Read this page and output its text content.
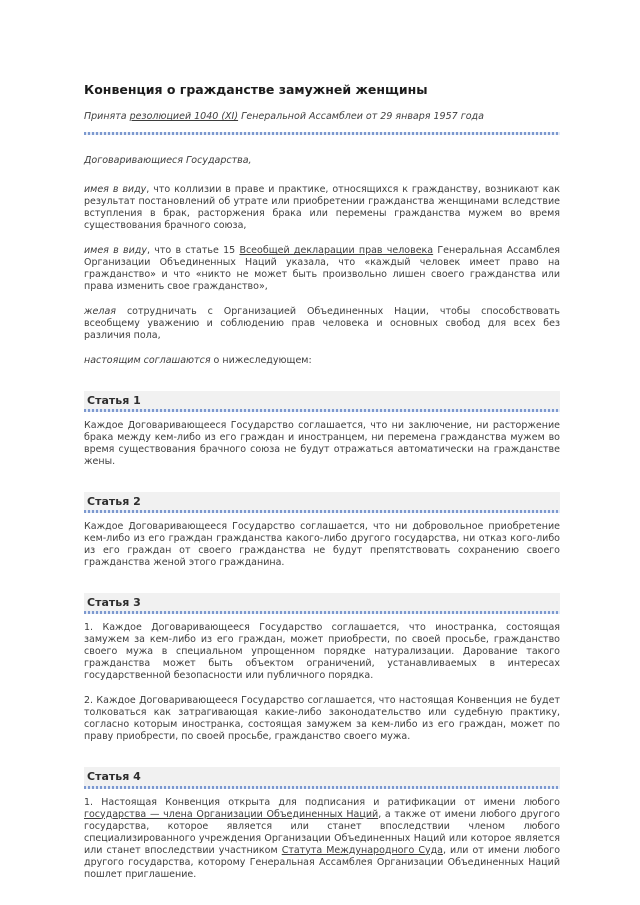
Конвенция о гражданстве замужней женщины

Принята резолюцией 1040 (XI) Генеральной Ассамблеи от 29 января 1957 года

Договаривающиеся Государства,

имея в виду, что коллизии в праве и практике, относящихся к гражданству, возникают как результат постановлений об утрате или приобретении гражданства женщинами вследствие вступления в брак, расторжения брака или перемены гражданства мужем во время существования брачного союза,

имея в виду, что в статье 15 Всеобщей декларации прав человека Генеральная Ассамблея Организации Объединенных Наций указала, что «каждый человек имеет право на гражданство» и что «никто не может быть произвольно лишен своего гражданства или права изменить свое гражданство»,

желая сотрудничать с Организацией Объединенных Нации, чтобы способствовать всеобщему уважению и соблюдению прав человека и основных свобод для всех без различия пола,

настоящим соглашаются о нижеследующем:

Статья 1

Каждое Договаривающееся Государство соглашается, что ни заключение, ни расторжение брака между кем-либо из его граждан и иностранцем, ни перемена гражданства мужем во время существования брачного союза не будут отражаться автоматически на гражданстве жены.

Статья 2

Каждое Договаривающееся Государство соглашается, что ни добровольное приобретение кем-либо из его граждан гражданства какого-либо другого государства, ни отказ кого-либо из его граждан от своего гражданства не будут препятствовать сохранению своего гражданства женой этого гражданина.

Статья 3

1. Каждое Договаривающееся Государство соглашается, что иностранка, состоящая замужем за кем-либо из его граждан, может приобрести, по своей просьбе, гражданство своего мужа в специальном упрощенном порядке натурализации. Дарование такого гражданства может быть объектом ограничений, устанавливаемых в интересах государственной безопасности или публичного порядка.

2. Каждое Договаривающееся Государство соглашается, что настоящая Конвенция не будет толковаться как затрагивающая какие-либо законодательство или судебную практику, согласно которым иностранка, состоящая замужем за кем-либо из его граждан, может по праву приобрести, по своей просьбе, гражданство своего мужа.

Статья 4

1. Настоящая Конвенция открыта для подписания и ратификации от имени любого государства — члена Организации Объединенных Наций, а также от имени любого другого государства, которое является или станет впоследствии членом любого специализированного учреждения Организации Объединенных Наций или которое является или станет впоследствии участником Статута Международного Суда, или от имени любого другого государства, которому Генеральная Ассамблея Организации Объединенных Наций пошлет приглашение.
